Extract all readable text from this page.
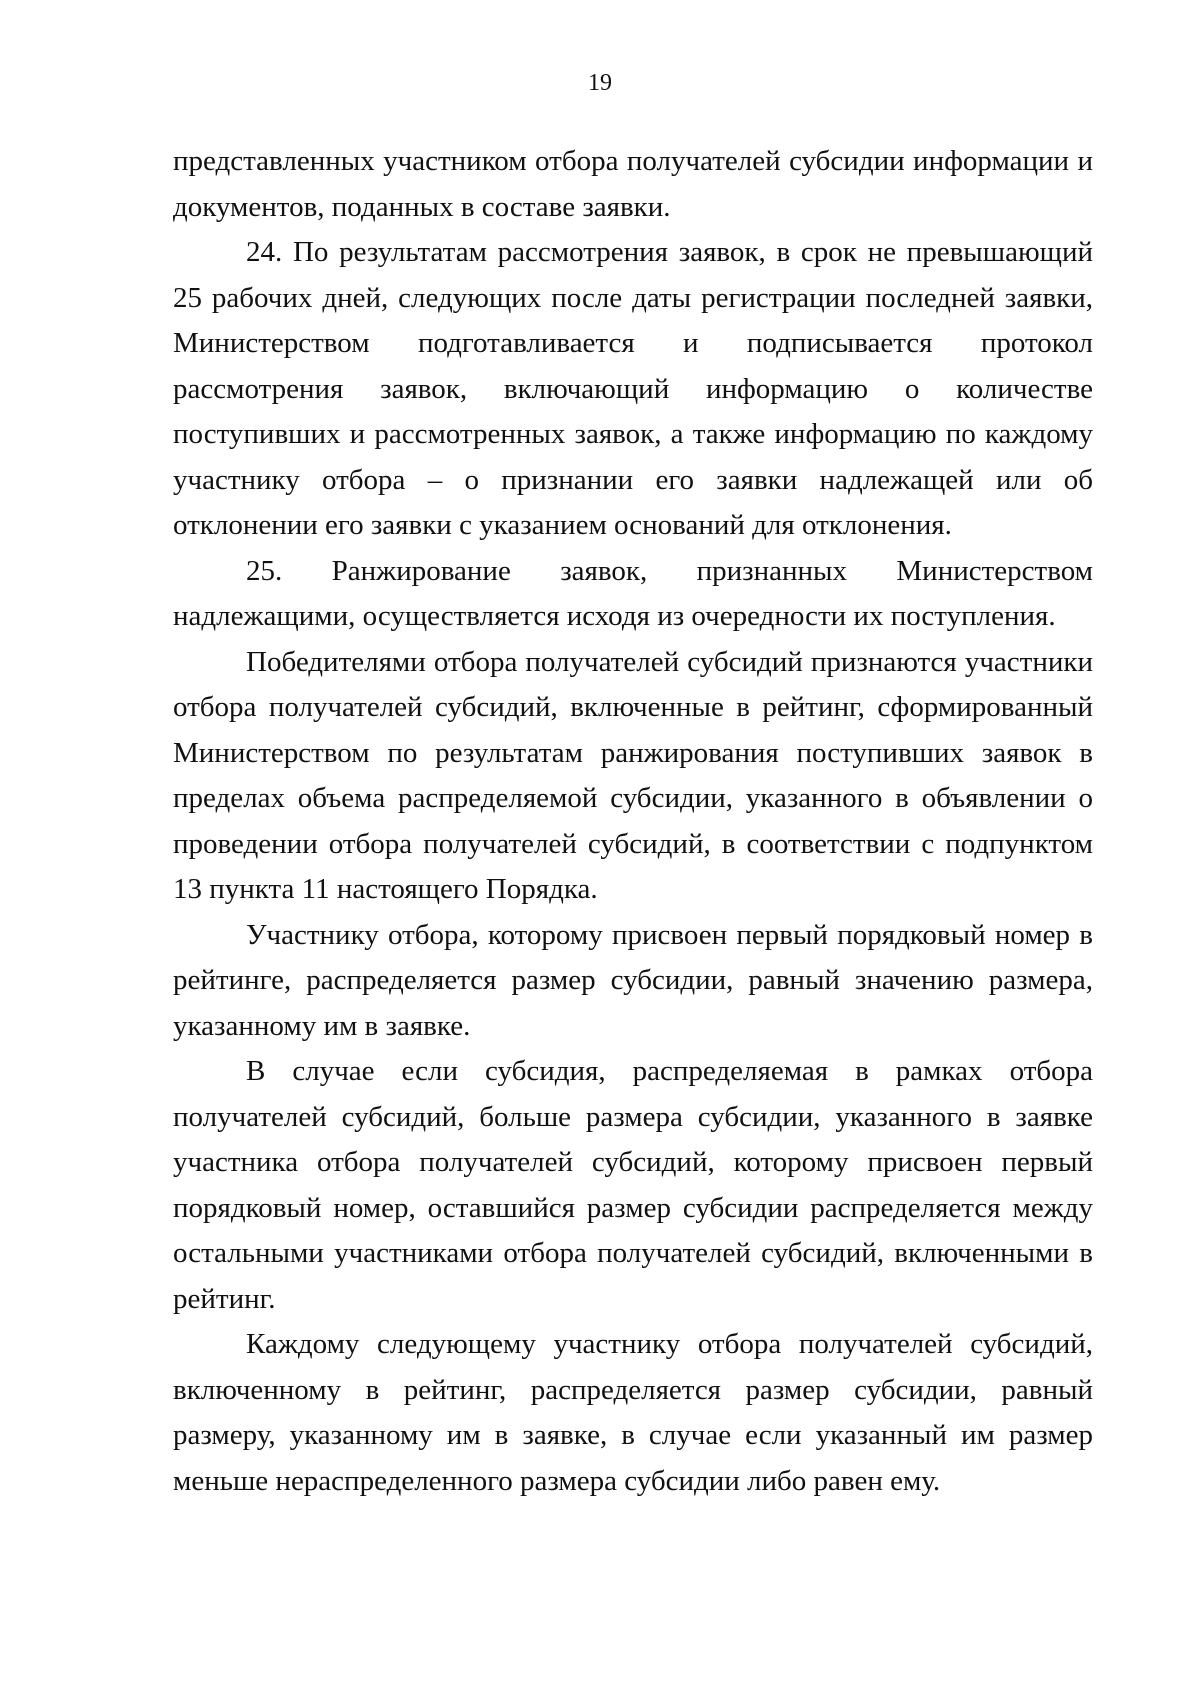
19

представленных участником отбора получателей субсидии информации и документов, поданных в составе заявки.

24. По результатам рассмотрения заявок, в срок не превышающий 25 рабочих дней, следующих после даты регистрации последней заявки, Министерством подготавливается и подписывается протокол рассмотрения заявок, включающий информацию о количестве поступивших и рассмотренных заявок, а также информацию по каждому участнику отбора – о признании его заявки надлежащей или об отклонении его заявки с указанием оснований для отклонения.

25. Ранжирование заявок, признанных Министерством надлежащими, осуществляется исходя из очередности их поступления.

Победителями отбора получателей субсидий признаются участники отбора получателей субсидий, включенные в рейтинг, сформированный Министерством по результатам ранжирования поступивших заявок в пределах объема распределяемой субсидии, указанного в объявлении о проведении отбора получателей субсидий, в соответствии с подпунктом 13 пункта 11 настоящего Порядка.

Участнику отбора, которому присвоен первый порядковый номер в рейтинге, распределяется размер субсидии, равный значению размера, указанному им в заявке.

В случае если субсидия, распределяемая в рамках отбора получателей субсидий, больше размера субсидии, указанного в заявке участника отбора получателей субсидий, которому присвоен первый порядковый номер, оставшийся размер субсидии распределяется между остальными участниками отбора получателей субсидий, включенными в рейтинг.

Каждому следующему участнику отбора получателей субсидий, включенному в рейтинг, распределяется размер субсидии, равный размеру, указанному им в заявке, в случае если указанный им размер меньше нераспределенного размера субсидии либо равен ему.
